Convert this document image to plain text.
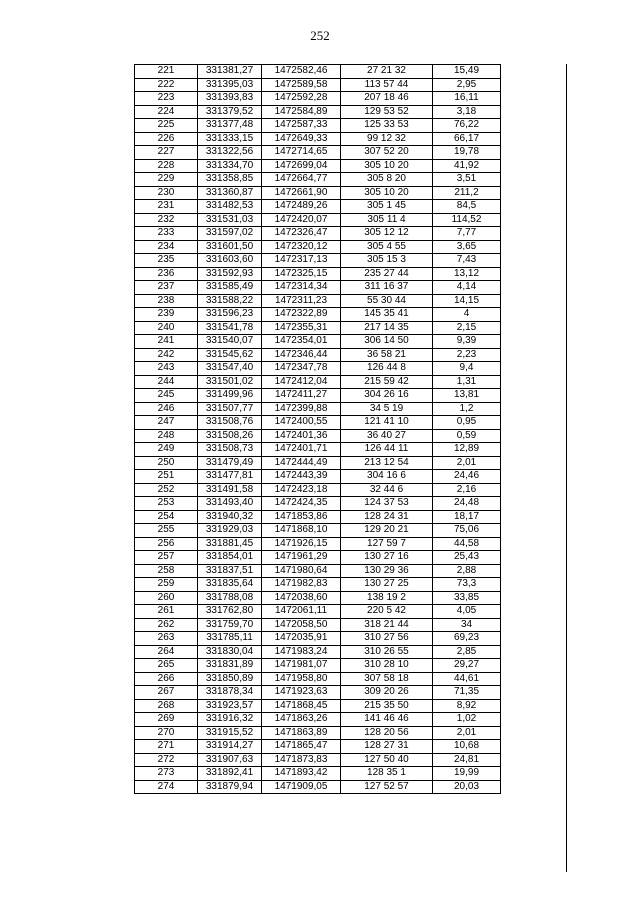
252
221	331381,27	1472582,46	27 21 32	15,49
222	331395,03	1472589,58	113 57 44	2,95
223	331393,83	1472592,28	207 18 46	16,11
224	331379,52	1472584,89	129 53 52	3,18
225	331377,48	1472587,33	125 33 53	76,22
226	331333,15	1472649,33	99 12 32	66,17
227	331322,56	1472714,65	307 52 20	19,78
228	331334,70	1472699,04	305 10 20	41,92
229	331358,85	1472664,77	305 8 20	3,51
230	331360,87	1472661,90	305 10 20	211,2
231	331482,53	1472489,26	305 1 45	84,5
232	331531,03	1472420,07	305 11 4	114,52
233	331597,02	1472326,47	305 12 12	7,77
234	331601,50	1472320,12	305 4 55	3,65
235	331603,60	1472317,13	305 15 3	7,43
236	331592,93	1472325,15	235 27 44	13,12
237	331585,49	1472314,34	311 16 37	4,14
238	331588,22	1472311,23	55 30 44	14,15
239	331596,23	1472322,89	145 35 41	4
240	331541,78	1472355,31	217 14 35	2,15
241	331540,07	1472354,01	306 14 50	9,39
242	331545,62	1472346,44	36 58 21	2,23
243	331547,40	1472347,78	126 44 8	9,4
244	331501,02	1472412,04	215 59 42	1,31
245	331499,96	1472411,27	304 26 16	13,81
246	331507,77	1472399,88	34 5 19	1,2
247	331508,76	1472400,55	121 41 10	0,95
248	331508,26	1472401,36	36 40 27	0,59
249	331508,73	1472401,71	126 44 11	12,89
250	331479,49	1472444,49	213 12 54	2,01
251	331477,81	1472443,39	304 16 6	24,46
252	331491,58	1472423,18	32 44 6	2,16
253	331493,40	1472424,35	124 37 53	24,48
254	331940,32	1471853,86	128 24 31	18,17
255	331929,03	1471868,10	129 20 21	75,06
256	331881,45	1471926,15	127 59 7	44,58
257	331854,01	1471961,29	130 27 16	25,43
258	331837,51	1471980,64	130 29 36	2,88
259	331835,64	1471982,83	130 27 25	73,3
260	331788,08	1472038,60	138 19 2	33,85
261	331762,80	1472061,11	220 5 42	4,05
262	331759,70	1472058,50	318 21 44	34
263	331785,11	1472035,91	310 27 56	69,23
264	331830,04	1471983,24	310 26 55	2,85
265	331831,89	1471981,07	310 28 10	29,27
266	331850,89	1471958,80	307 58 18	44,61
267	331878,34	1471923,63	309 20 26	71,35
268	331923,57	1471868,45	215 35 50	8,92
269	331916,32	1471863,26	141 46 46	1,02
270	331915,52	1471863,89	128 20 56	2,01
271	331914,27	1471865,47	128 27 31	10,68
272	331907,63	1471873,83	127 50 40	24,81
273	331892,41	1471893,42	128 35 1	19,99
274	331879,94	1471909,05	127 52 57	20,03
